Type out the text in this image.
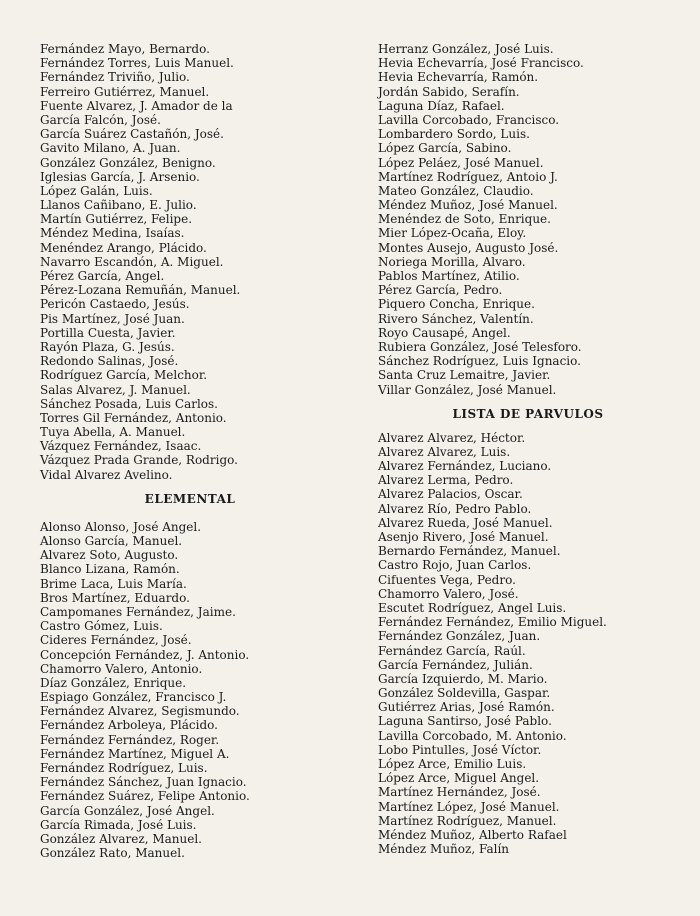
Fernández Mayo, Bernardo.
Fernández Torres, Luis Manuel.
Fernández Triviño, Julio.
Ferreiro Gutiérrez, Manuel.
Fuente Alvarez, J. Amador de la
García Falcón, José.
García Suárez Castañón, José.
Gavito Milano, A. Juan.
González González, Benigno.
Iglesias García, J. Arsenio.
López Galán, Luis.
Llanos Cañibano, E. Julio.
Martín Gutiérrez, Felipe.
Méndez Medina, Isaías.
Menéndez Arango, Plácido.
Navarro Escandón, A. Miguel.
Pérez García, Angel.
Pérez-Lozana Remuñán, Manuel.
Pericón Castaedo, Jesús.
Pis Martínez, José Juan.
Portilla Cuesta, Javier.
Rayón Plaza, G. Jesús.
Redondo Salinas, José.
Rodríguez García, Melchor.
Salas Alvarez, J. Manuel.
Sánchez Posada, Luis Carlos.
Torres Gil Fernández, Antonio.
Tuya Abella, A. Manuel.
Vázquez Fernández, Isaac.
Vázquez Prada Grande, Rodrigo.
Vidal Alvarez Avelino.
ELEMENTAL
Alonso Alonso, José Angel.
Alonso García, Manuel.
Alvarez Soto, Augusto.
Blanco Lizana, Ramón.
Brime Laca, Luis María.
Bros Martínez, Eduardo.
Campomanes Fernández, Jaime.
Castro Gómez, Luis.
Cideres Fernández, José.
Concepción Fernández, J. Antonio.
Chamorro Valero, Antonio.
Díaz González, Enrique.
Espiago González, Francisco J.
Fernández Alvarez, Segismundo.
Fernández Arboleya, Plácido.
Fernández Fernández, Roger.
Fernández Martínez, Miguel A.
Fernández Rodríguez, Luis.
Fernández Sánchez, Juan Ignacio.
Fernández Suárez, Felipe Antonio.
García González, José Angel.
García Rimada, José Luis.
González Alvarez, Manuel.
González Rato, Manuel.
Herranz González, José Luis.
Hevia Echevarría, José Francisco.
Hevia Echevarría, Ramón.
Jordán Sabido, Serafín.
Laguna Díaz, Rafael.
Lavilla Corcobado, Francisco.
Lombardero Sordo, Luis.
López García, Sabino.
López Peláez, José Manuel.
Martínez Rodríguez, Antoio J.
Mateo González, Claudio.
Méndez Muñoz, José Manuel.
Menéndez de Soto, Enrique.
Mier López-Ocaña, Eloy.
Montes Ausejo, Augusto José.
Noriega Morilla, Alvaro.
Pablos Martínez, Atilio.
Pérez García, Pedro.
Piquero Concha, Enrique.
Rivero Sánchez, Valentín.
Royo Causapé, Angel.
Rubiera González, José Telesforo.
Sánchez Rodríguez, Luis Ignacio.
Santa Cruz Lemaitre, Javier.
Villar González, José Manuel.
LISTA DE PARVULOS
Alvarez Alvarez, Héctor.
Alvarez Alvarez, Luis.
Alvarez Fernández, Luciano.
Alvarez Lerma, Pedro.
Alvarez Palacios, Oscar.
Alvarez Río, Pedro Pablo.
Alvarez Rueda, José Manuel.
Asenjo Rivero, José Manuel.
Bernardo Fernández, Manuel.
Castro Rojo, Juan Carlos.
Cifuentes Vega, Pedro.
Chamorro Valero, José.
Escutet Rodríguez, Angel Luis.
Fernández Fernández, Emilio Miguel.
Fernández González, Juan.
Fernández García, Raúl.
García Fernández, Julián.
García Izquierdo, M. Mario.
González Soldevilla, Gaspar.
Gutiérrez Arias, José Ramón.
Laguna Santirso, José Pablo.
Lavilla Corcobado, M. Antonio.
Lobo Pintulles, José Víctor.
López Arce, Emilio Luis.
López Arce, Miguel Angel.
Martínez Hernández, José.
Martínez López, José Manuel.
Martínez Rodríguez, Manuel.
Méndez Muñoz, Alberto Rafael
Méndez Muñoz, Falín
